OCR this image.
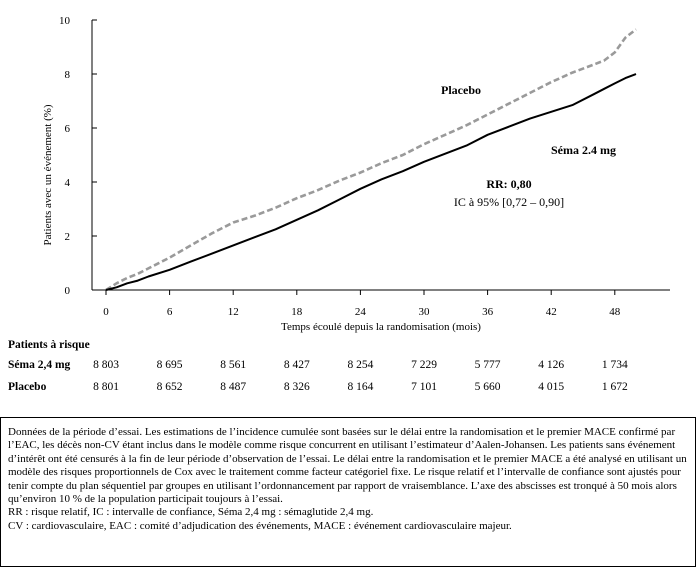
0
2
4
6
8
10
0	6	12	18	24	30	36	42	48
Patients avec un événement (%)
Temps écoulé depuis la randomisation (mois)
Placebo
Séma 2.4 mg
RR: 0,80
IC à 95% [0,72 – 0,90]
Patients à risque
Séma 2,4 mg	8 803	8 695	8 561	8 427	8 254	7 229	5 777	4 126	1 734
Placebo	8 801	8 652	8 487	8 326	8 164	7 101	5 660	4 015	1 672

Données de la période d’essai. Les estimations de l’incidence cumulée sont basées sur le délai entre la randomisation et le premier MACE confirmé par l’EAC, les décès non-CV étant inclus dans le modèle comme risque concurrent en utilisant l’estimateur d’Aalen-Johansen. Les patients sans événement d’intérêt ont été censurés à la fin de leur période d’observation de l’essai. Le délai entre la randomisation et le premier MACE a été analysé en utilisant un modèle des risques proportionnels de Cox avec le traitement comme facteur catégoriel fixe. Le risque relatif et l’intervalle de confiance sont ajustés pour tenir compte du plan séquentiel par groupes en utilisant l’ordonnancement par rapport de vraisemblance. L’axe des abscisses est tronqué à 50 mois alors qu’environ 10 % de la population participait toujours à l’essai.

RR : risque relatif, IC : intervalle de confiance, Séma 2,4 mg : sémaglutide 2,4 mg.

CV : cardiovasculaire, EAC : comité d’adjudication des événements, MACE : événement cardiovasculaire majeur.
